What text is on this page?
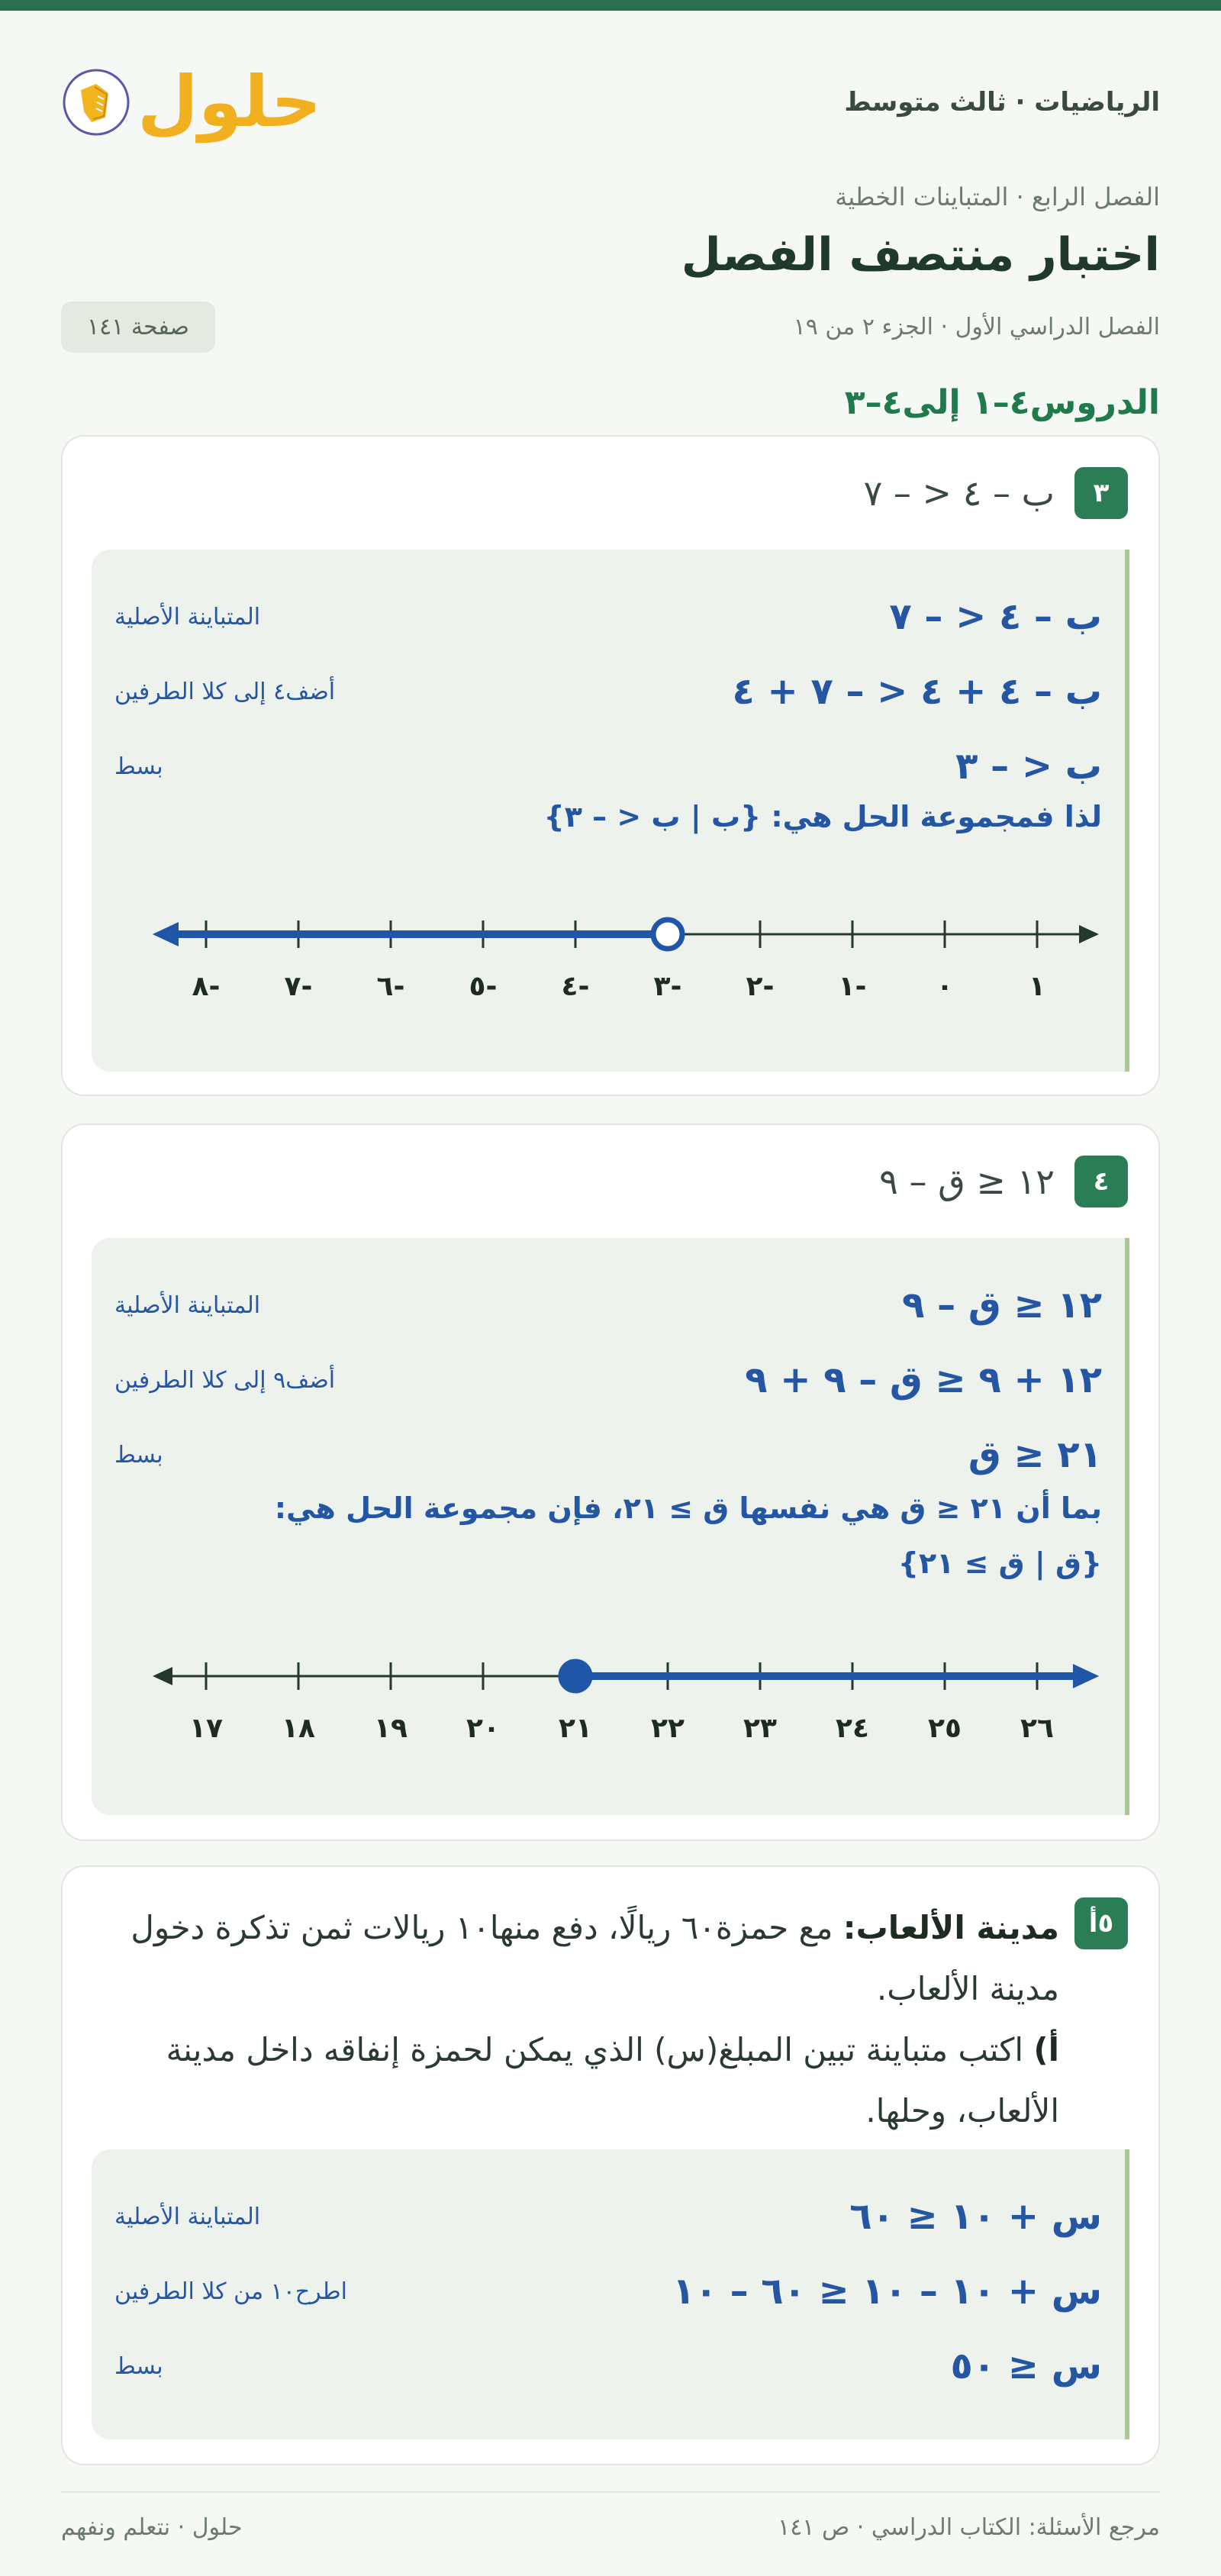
الرياضيات · ثالث متوسط
حلول
الفصل الرابع · المتباينات الخطية
اختبار منتصف الفصل
الفصل الدراسي الأول · الجزء ٢ من ١٩
صفحة ١٤١
الدروس٤–١ إلى٤–٣
٣
ب – ٤ < – ٧
ب – ٤ < – ٧
المتباينة الأصلية
ب – ٤ + ٤ < – ٧ + ٤
أضف٤ إلى كلا الطرفين
ب < – ٣
بسط
لذا فمجموعة الحل هي: {ب | ب < – ٣}
-٨ -٧ -٦ -٥ -٤ -٣ -٢ -١	٠	١
٤
١٢ ≤ ق – ٩
١٢ ≤ ق – ٩
المتباينة الأصلية
١٢ + ٩ ≤ ق – ٩ + ٩
أضف٩ إلى كلا الطرفين
٢١ ≤ ق
بسط
بما أن ٢١ ≤ ق هي نفسها ق ≥ ٢١، فإن مجموعة الحل هي:
{ق | ق ≥ ٢١}
١٧ ١٨ ١٩ ٢٠ ٢١ ٢٢ ٢٣ ٢٤ ٢٥ ٢٦
٥أ
مدينة الألعاب: مع حمزة٦٠ ريالًا، دفع منها١٠ ريالات ثمن تذكرة دخول مدينة الألعاب.
أ) اكتب متباينة تبين المبلغ(س) الذي يمكن لحمزة إنفاقه داخل مدينة الألعاب، وحلها.
س + ١٠ ≤ ٦٠
المتباينة الأصلية
س + ١٠ – ١٠ ≤ ٦٠ – ١٠
اطرح١٠ من كلا الطرفين
س ≤ ٥٠
بسط
مرجع الأسئلة: الكتاب الدراسي · ص ١٤١
حلول · نتعلم ونفهم
